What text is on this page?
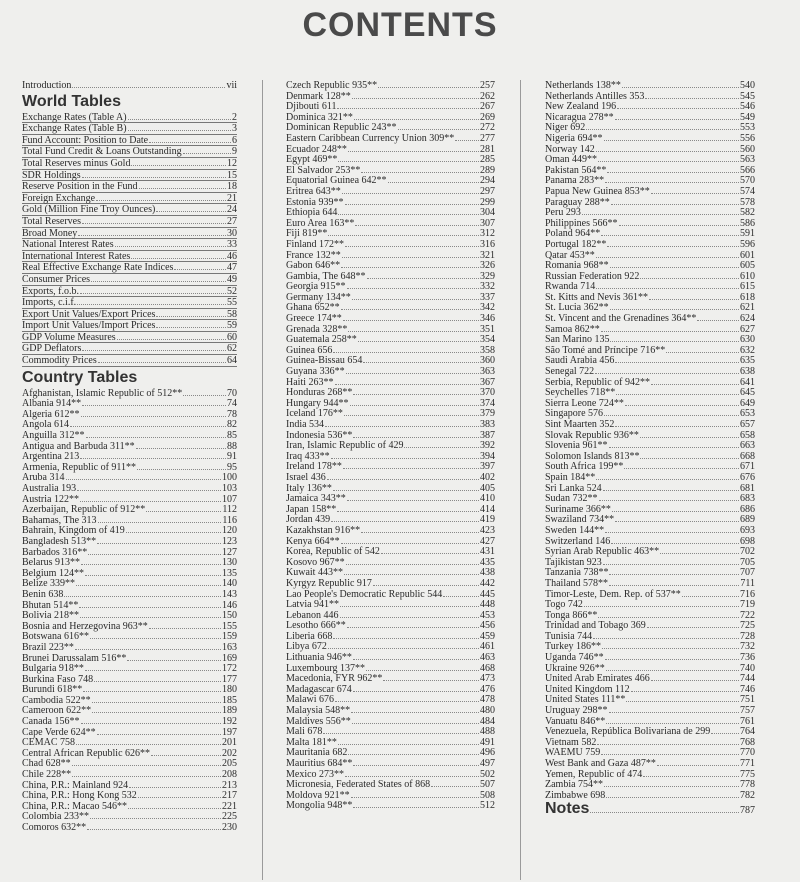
CONTENTS
Introduction	vii
World Tables
Exchange Rates (Table A)	2
Exchange Rates (Table B)	3
Fund Account: Position to Date	6
Total Fund Credit & Loans Outstanding	9
Total Reserves minus Gold	12
SDR Holdings	15
Reserve Position in the Fund	18
Foreign Exchange	21
Gold (Million Fine Troy Ounces)	24
Total Reserves	27
Broad Money	30
National Interest Rates	33
International Interest Rates	46
Real Effective Exchange Rate Indices	47
Consumer Prices	49
Exports, f.o.b.	52
Imports, c.i.f.	55
Export Unit Values/Export Prices	58
Import Unit Values/Import Prices	59
GDP Volume Measures	60
GDP Deflators	62
Commodity Prices	64
Country Tables
Afghanistan, Islamic Republic of 512**	70
Albania 914**	74
Algeria 612**	78
Angola 614	82
Anguilla 312**	85
Antigua and Barbuda 311**	88
Argentina 213	91
Armenia, Republic of 911**	95
Aruba 314	100
Australia 193	103
Austria 122**	107
Azerbaijan, Republic of 912**	112
Bahamas, The 313	116
Bahrain, Kingdom of 419	120
Bangladesh 513**	123
Barbados 316**	127
Belarus 913**	130
Belgium 124**	135
Belize 339**	140
Benin 638	143
Bhutan 514**	146
Bolivia 218**	150
Bosnia and Herzegovina 963**	155
Botswana 616**	159
Brazil 223**	163
Brunei Darussalam 516**	169
Bulgaria 918**	172
Burkina Faso 748	177
Burundi 618**	180
Cambodia 522**	185
Cameroon 622**	189
Canada 156**	192
Cape Verde 624**	197
CEMAC 758	201
Central African Republic 626**	202
Chad 628**	205
Chile 228**	208
China, P.R.: Mainland 924	213
China, P.R.: Hong Kong 532	217
China, P.R.: Macao 546**	221
Colombia 233**	225
Comoros 632**	230
Czech Republic 935**	257
Denmark 128**	262
Djibouti 611	267
Dominica 321**	269
Dominican Republic 243**	272
Eastern Caribbean Currency Union 309**	277
Ecuador 248**	281
Egypt 469**	285
El Salvador 253**	289
Equatorial Guinea 642**	294
Eritrea 643**	297
Estonia 939**	299
Ethiopia 644	304
Euro Area 163**	307
Fiji 819**	312
Finland 172**	316
France 132**	321
Gabon 646**	326
Gambia, The 648**	329
Georgia 915**	332
Germany 134**	337
Ghana 652**	342
Greece 174**	346
Grenada 328**	351
Guatemala 258**	354
Guinea 656	358
Guinea-Bissau 654	360
Guyana 336**	363
Haiti 263**	367
Honduras 268**	370
Hungary 944**	374
Iceland 176**	379
India 534	383
Indonesia 536**	387
Iran, Islamic Republic of 429	392
Iraq 433**	394
Ireland 178**	397
Israel 436	402
Italy 136**	405
Jamaica 343**	410
Japan 158**	414
Jordan 439	419
Kazakhstan 916**	423
Kenya 664**	427
Korea, Republic of 542	431
Kosovo 967**	435
Kuwait 443**	438
Kyrgyz Republic 917	442
Lao People's Democratic Republic 544	445
Latvia 941**	448
Lebanon 446	453
Lesotho 666**	456
Liberia 668	459
Libya 672	461
Lithuania 946**	463
Luxembourg 137**	468
Macedonia, FYR 962**	473
Madagascar 674	476
Malawi 676	478
Malaysia 548**	480
Maldives 556**	484
Mali 678	488
Malta 181**	491
Mauritania 682	496
Mauritius 684**	497
Mexico 273**	502
Micronesia, Federated States of 868	507
Moldova 921**	508
Mongolia 948**	512
Netherlands 138**	540
Netherlands Antilles 353	545
New Zealand 196	546
Nicaragua 278**	549
Niger 692	553
Nigeria 694**	556
Norway 142	560
Oman 449**	563
Pakistan 564**	566
Panama 283**	570
Papua New Guinea 853**	574
Paraguay 288**	578
Peru 293	582
Philippines 566**	586
Poland 964**	591
Portugal 182**	596
Qatar 453**	601
Romania 968**	605
Russian Federation 922	610
Rwanda 714	615
St. Kitts and Nevis 361**	618
St. Lucia 362**	621
St. Vincent and the Grenadines 364**	624
Samoa 862**	627
San Marino 135	630
São Tomé and Príncipe 716**	632
Saudi Arabia 456	635
Senegal 722	638
Serbia, Republic of 942**	641
Seychelles 718**	645
Sierra Leone 724**	649
Singapore 576	653
Sint Maarten 352	657
Slovak Republic 936**	658
Slovenia 961**	663
Solomon Islands 813**	668
South Africa 199**	671
Spain 184**	676
Sri Lanka 524	681
Sudan 732**	683
Suriname 366**	686
Swaziland 734**	689
Sweden 144**	693
Switzerland 146	698
Syrian Arab Republic 463**	702
Tajikistan 923	705
Tanzania 738**	707
Thailand 578**	711
Timor-Leste, Dem. Rep. of 537**	716
Togo 742	719
Tonga 866**	722
Trinidad and Tobago 369	725
Tunisia 744	728
Turkey 186**	732
Uganda 746**	736
Ukraine 926**	740
United Arab Emirates 466	744
United Kingdom 112	746
United States 111**	751
Uruguay 298**	757
Vanuatu 846**	761
Venezuela, República Bolivariana de 299	764
Vietnam 582	768
WAEMU 759	770
West Bank and Gaza 487**	771
Yemen, Republic of 474	775
Zambia 754**	778
Zimbabwe 698	782
Notes	787
